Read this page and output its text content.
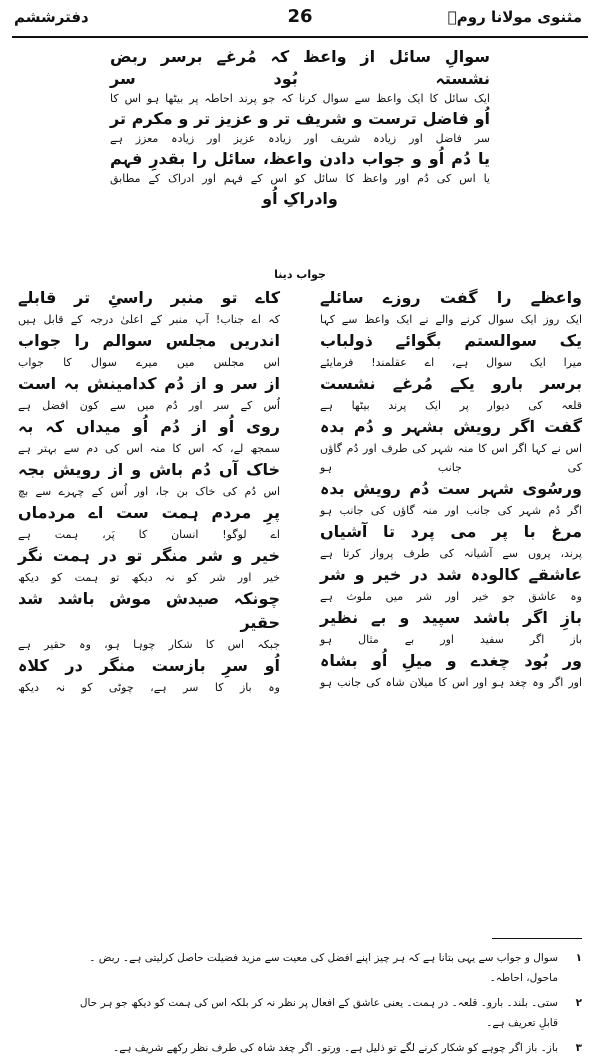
مثنوی مولانا رومؒ
26
دفترششم

سوالِ سائل از واعظ کہ مُرغے برسر ربض نشستہ بُود سر

ایک سائل کا ایک واعظ سے سوال کرنا کہ جو پرند احاطہ پر بیٹھا ہو اس کا

اُو فاضل ترست و شریف تر و عزیز تر و مکرم تر

سر فاضل اور زیادہ شریف اور زیادہ عزیز اور زیادہ معزز ہے

یا دُم اُو و جواب دادن واعظ، سائل را بقدرِ فہم

یا اس کی دُم اور واعظ کا سائل کو اس کے فہم اور ادراک کے مطابق

وادراکِ اُو

جواب دینا

واعظے را گفت روزے سائلے

ایک روز ایک سوال کرنے والے نے ایک واعظ سے کہا

یک سوالستم بگوائے ذولباب

میرا ایک سوال ہے، اے عقلمند! فرمایئے

برسر بارو یکے مُرغے نشست

قلعہ کی دیوار پر ایک پرند بیٹھا ہے

گفت اگر رویش بشہر و دُم بدہ

اس نے کہا اگر اس کا منہ شہر کی طرف اور دُم گاؤں کی جانب ہو

ورسُوی شہر ست دُم رویش بدہ

اگر دُم شہر کی جانب اور منہ گاؤں کی جانب ہو

مرغ با پر می پرد تا آشیاں

پرند، پروں سے آشیانہ کی طرف پرواز کرتا ہے

عاشقے کالودہ شد در خیر و شر

وہ عاشق جو خیر اور شر میں ملوث ہے

بازِ اگر باشد سپید و بے نظیر

باز اگر سفید اور بے مثال ہو

ور بُود چغدے و میلِ اُو بشاہ

اور اگر وہ چغد ہو اور اس کا میلان شاہ کی جانب ہو

کاے تو منبر راسئِ تر قابلے

کہ اے جناب! آپ منبر کے اعلیٰ درجہ کے قابل ہیں

اندریں مجلس سوالم را جواب

اس مجلس میں میرے سوال کا جواب

از سر و از دُم کدامینش بہ است

اُس کے سر اور دُم میں سے کون افضل ہے

روی اُو از دُم اُو میداں کہ بہ

سمجھ لے، کہ اس کا منہ اس کی دم سے بہتر ہے

خاک آں دُم باش و از رویش بجہ

اس دُم کی خاک بن جا، اور اُس کے چہرے سے بچ

پرِ مردم ہمت ست اے مردماں

اے لوگو! انسان کا پَر، ہمت ہے

خیر و شر منگر تو در ہمت نگر

خیر اور شر کو نہ دیکھ تو ہمت کو دیکھ

چونکہ صیدش موش باشد شد حقیر

جبکہ اس کا شکار چوہا ہو، وہ حقیر ہے

اُو سرِ بازست منگر در کلاہ

وہ باز کا سر ہے، چوٹی کو نہ دیکھ

۱
سوال و جواب سے یہی بتانا ہے کہ ہر چیز اپنے افضل کی معیت سے مزید فضیلت حاصل کرلیتی ہے۔ ربض ۔ ماحول، احاطہ۔
۲
ستی۔ بلند۔ بارو۔ قلعہ۔ در ہمت۔ یعنی عاشق کے افعال پر نظر نہ کر بلکہ اس کی ہمت کو دیکھ جو ہر حال قابلِ تعریف ہے۔
۳
باز۔ باز اگر چوہے کو شکار کرنے لگے تو ذلیل ہے۔ ورتو۔ اگر چغد شاہ کی طرف نظر رکھے شریف ہے۔
